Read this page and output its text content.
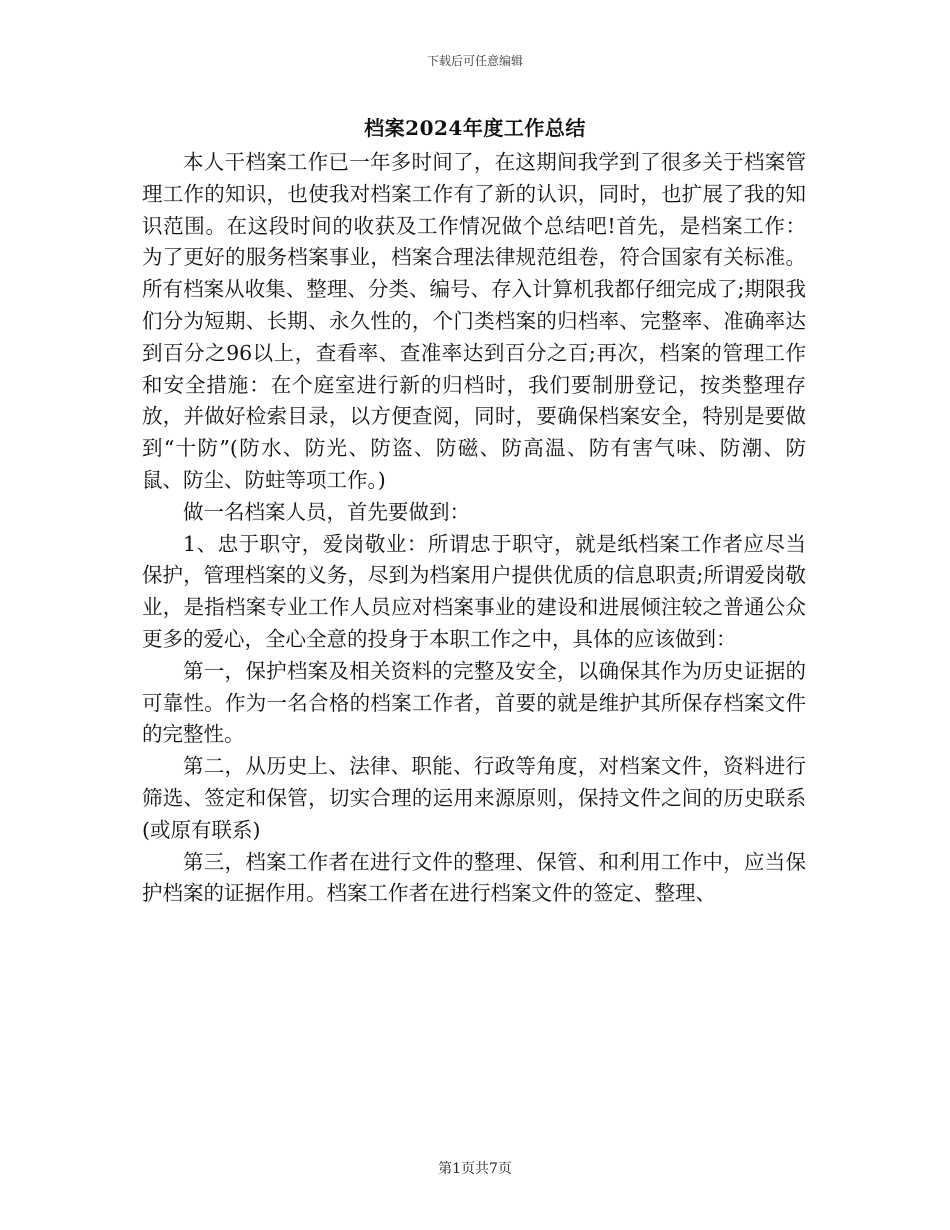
下载后可任意编辑
档案2024年度工作总结

本人干档案工作已一年多时间了，在这期间我学到了很多关于档案管理工作的知识，也使我对档案工作有了新的认识，同时，也扩展了我的知识范围。在这段时间的收获及工作情况做个总结吧!首先，是档案工作：为了更好的服务档案事业，档案合理法律规范组卷，符合国家有关标准。所有档案从收集、整理、分类、编号、存入计算机我都仔细完成了;期限我们分为短期、长期、永久性的，个门类档案的归档率、完整率、准确率达到百分之96以上，查看率、查准率达到百分之百;再次，档案的管理工作和安全措施：在个庭室进行新的归档时，我们要制册登记，按类整理存放，并做好检索目录，以方便查阅，同时，要确保档案安全，特别是要做到“十防”(防水、防光、防盗、防磁、防高温、防有害气味、防潮、防鼠、防尘、防蛀等项工作。)

做一名档案人员，首先要做到：

1、忠于职守，爱岗敬业：所谓忠于职守，就是纸档案工作者应尽当保护，管理档案的义务，尽到为档案用户提供优质的信息职责;所谓爱岗敬业，是指档案专业工作人员应对档案事业的建设和进展倾注较之普通公众更多的爱心，全心全意的投身于本职工作之中，具体的应该做到：

第一，保护档案及相关资料的完整及安全，以确保其作为历史证据的可靠性。作为一名合格的档案工作者，首要的就是维护其所保存档案文件的完整性。

第二，从历史上、法律、职能、行政等角度，对档案文件，资料进行筛选、签定和保管，切实合理的运用来源原则，保持文件之间的历史联系(或原有联系)

第三，档案工作者在进行文件的整理、保管、和利用工作中，应当保护档案的证据作用。档案工作者在进行档案文件的签定、整理、

第1页共7页
